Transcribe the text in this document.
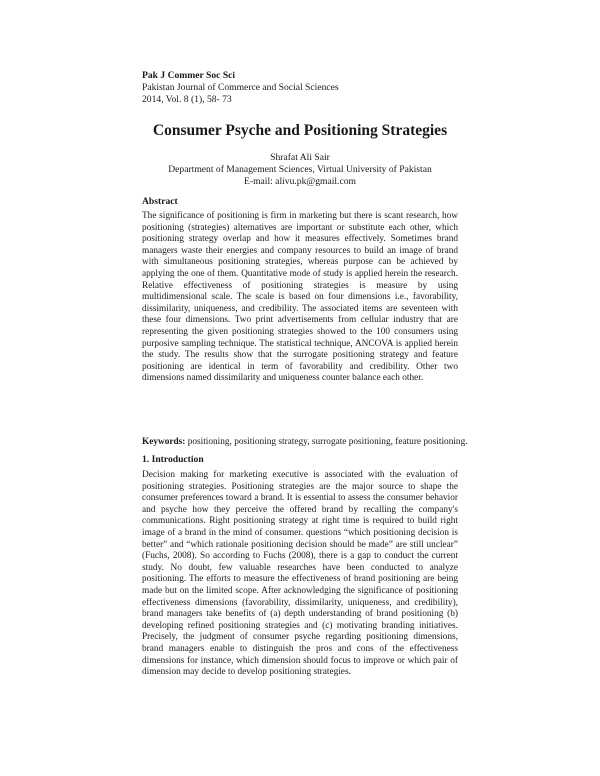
Pak J Commer Soc Sci
Pakistan Journal of Commerce and Social Sciences
2014, Vol. 8 (1), 58- 73
Consumer Psyche and Positioning Strategies
Shrafat Ali Sair
Department of Management Sciences, Virtual University of Pakistan
E-mail: alivu.pk@gmail.com
Abstract

The significance of positioning is firm in marketing but there is scant research, how positioning (strategies) alternatives are important or substitute each other, which positioning strategy overlap and how it measures effectively. Sometimes brand managers waste their energies and company resources to build an image of brand with simultaneous positioning strategies, whereas purpose can be achieved by applying the one of them. Quantitative mode of study is applied herein the research. Relative effectiveness of positioning strategies is measure by using multidimensional scale. The scale is based on four dimensions i.e., favorability, dissimilarity, uniqueness, and credibility. The associated items are seventeen with these four dimensions. Two print advertisements from cellular industry that are representing the given positioning strategies showed to the 100 consumers using purposive sampling technique. The statistical technique, ANCOVA is applied herein the study. The results show that the surrogate positioning strategy and feature positioning are identical in term of favorability and credibility. Other two dimensions named dissimilarity and uniqueness counter balance each other.

Keywords: positioning, positioning strategy, surrogate positioning, feature positioning.
1. Introduction

Decision making for marketing executive is associated with the evaluation of positioning strategies. Positioning strategies are the major source to shape the consumer preferences toward a brand. It is essential to assess the consumer behavior and psyche how they perceive the offered brand by recalling the company's communications. Right positioning strategy at right time is required to build right image of a brand in the mind of consumer. questions “which positioning decision is better” and “which rationale positioning decision should be made” are still unclear” (Fuchs, 2008). So according to Fuchs (2008), there is a gap to conduct the current study. No doubt, few valuable researches have been conducted to analyze positioning. The efforts to measure the effectiveness of brand positioning are being made but on the limited scope. After acknowledging the significance of positioning effectiveness dimensions (favorability, dissimilarity, uniqueness, and credibility), brand managers take benefits of (a) depth understanding of brand positioning (b) developing refined positioning strategies and (c) motivating branding initiatives. Precisely, the judgment of consumer psyche regarding positioning dimensions, brand managers enable to distinguish the pros and cons of the effectiveness dimensions for instance, which dimension should focus to improve or which pair of dimension may decide to develop positioning strategies.
